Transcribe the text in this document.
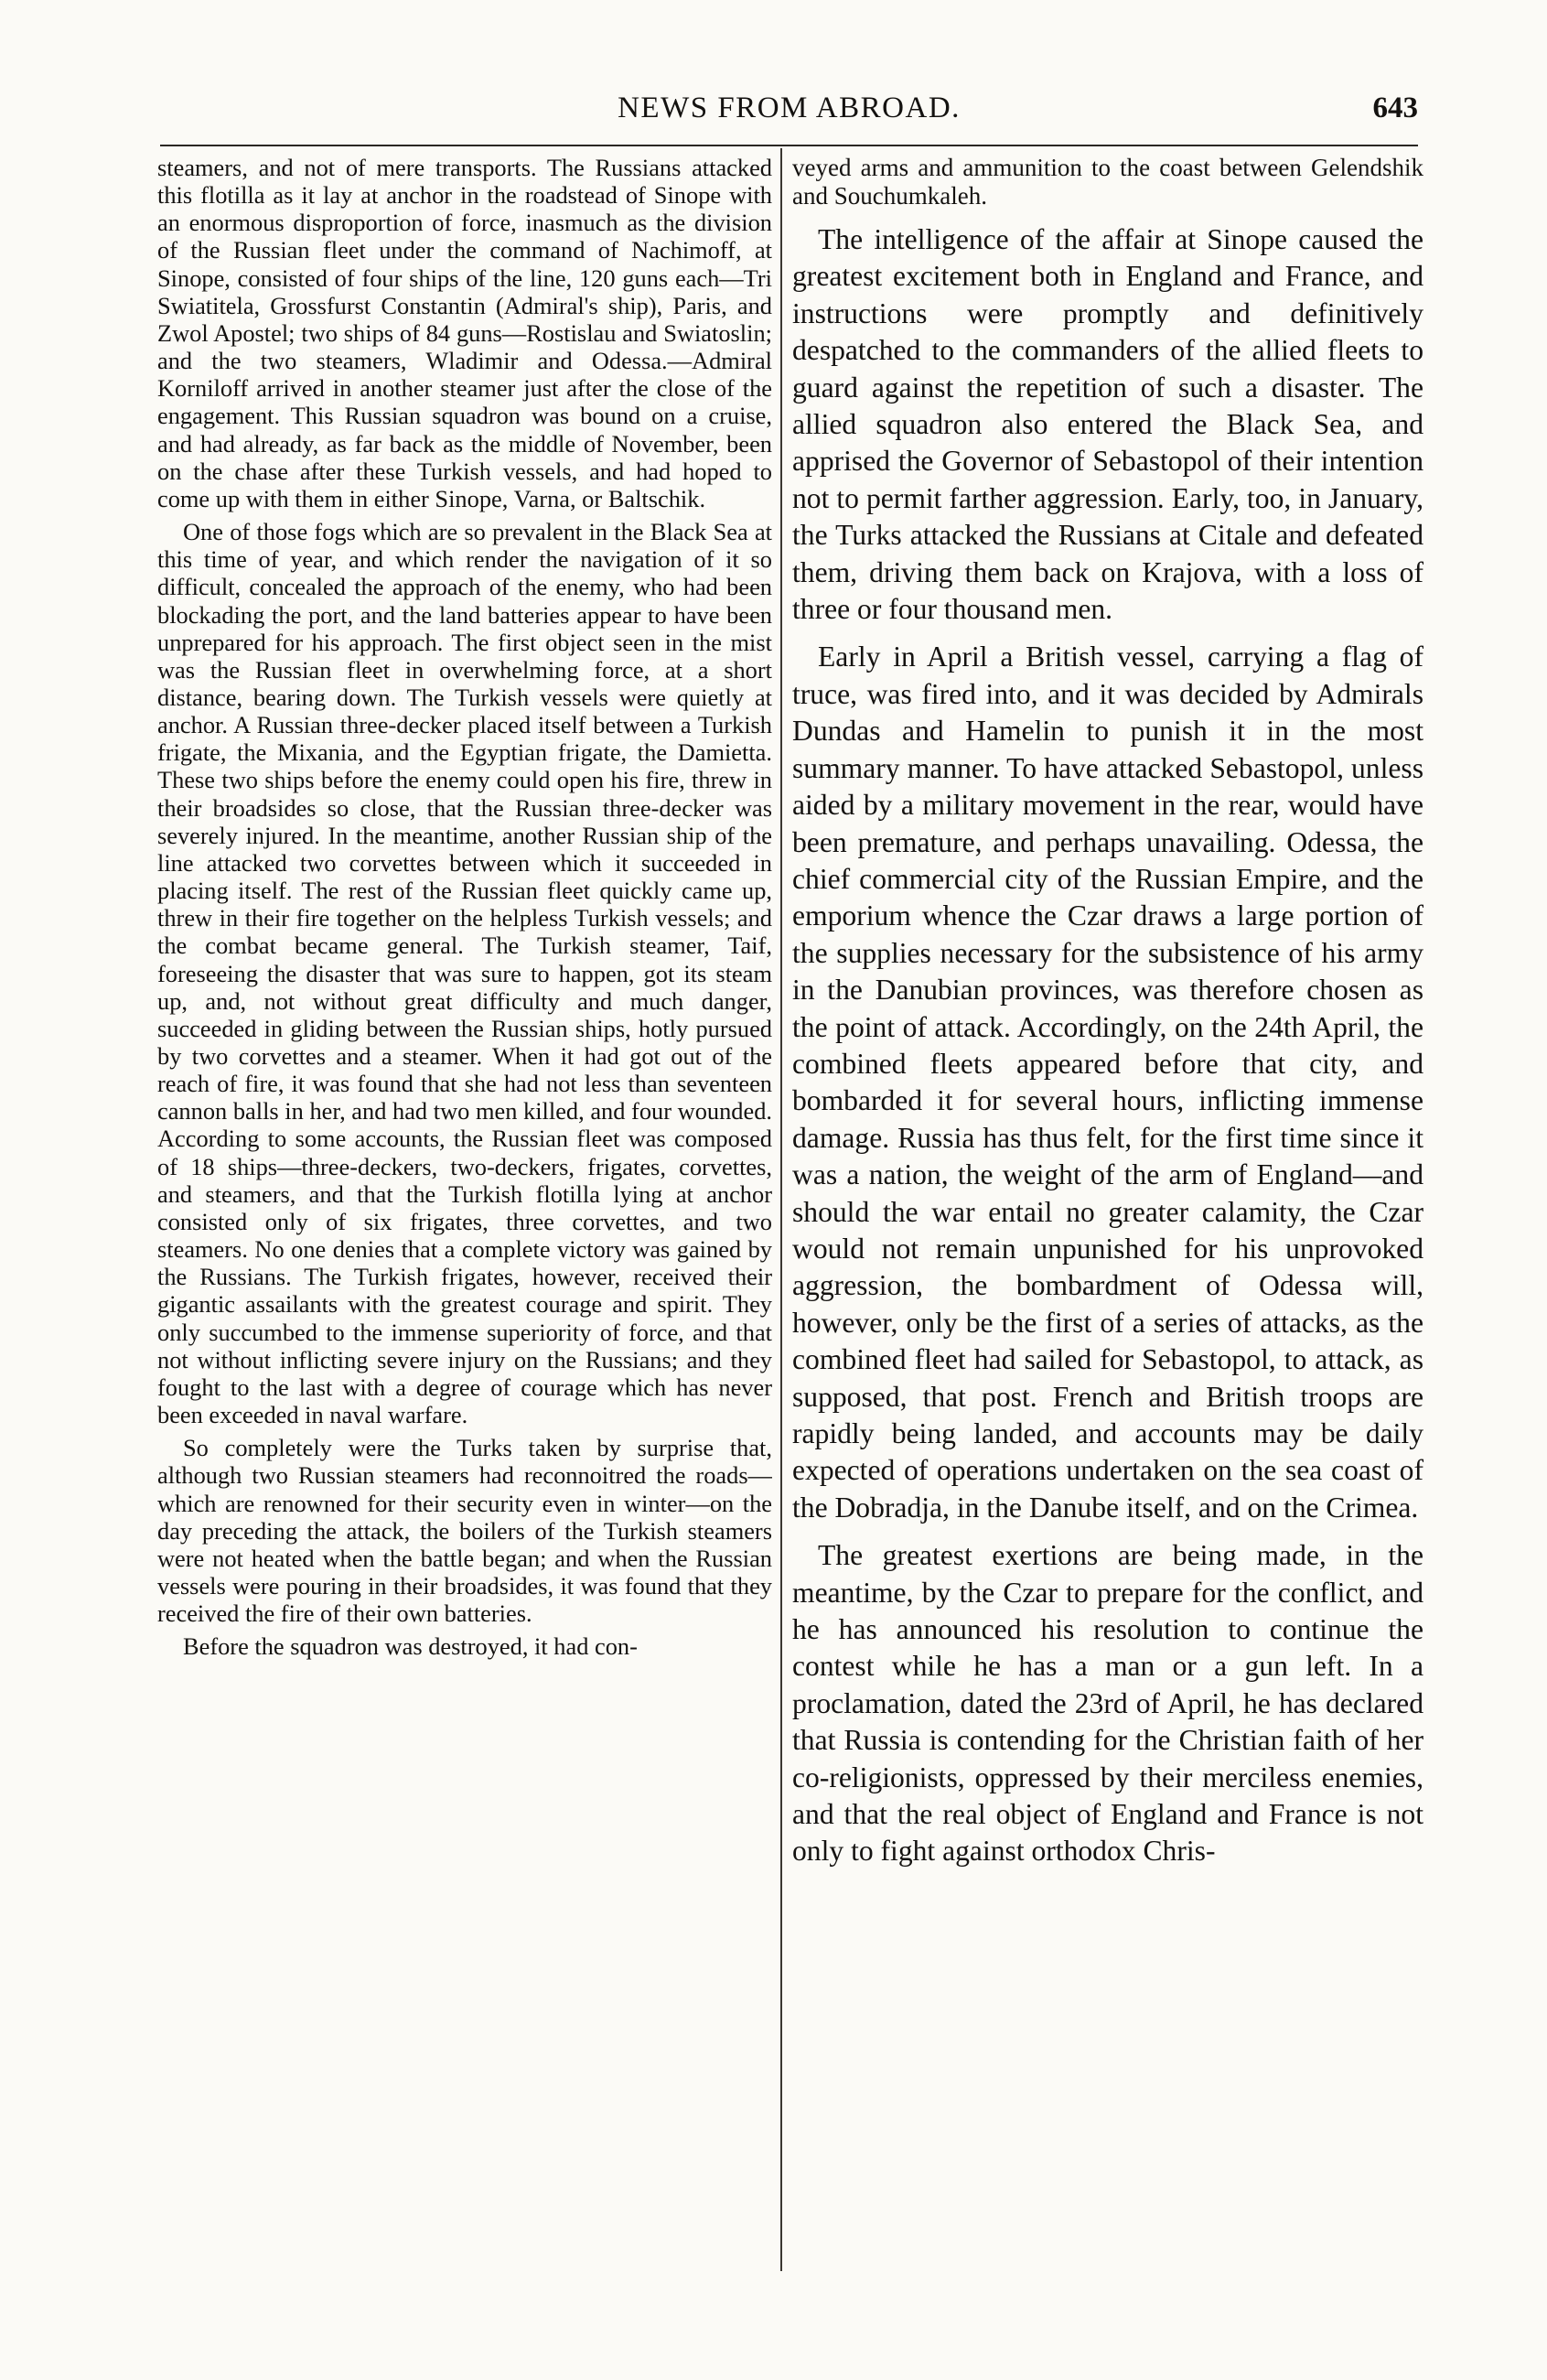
NEWS FROM ABROAD.	643

steamers, and not of mere transports. The Russians attacked this flotilla as it lay at anchor in the roadstead of Sinope with an enormous disproportion of force, inasmuch as the division of the Russian fleet under the command of Nachimoff, at Sinope, consisted of four ships of the line, 120 guns each—Tri Swiatitela, Grossfurst Constantin (Admiral's ship), Paris, and Zwol Apostel; two ships of 84 guns—Rostislau and Swiatoslin; and the two steamers, Wladimir and Odessa.—Admiral Korniloff arrived in another steamer just after the close of the engagement. This Russian squadron was bound on a cruise, and had already, as far back as the middle of November, been on the chase after these Turkish vessels, and had hoped to come up with them in either Sinope, Varna, or Baltschik.

One of those fogs which are so prevalent in the Black Sea at this time of year, and which render the navigation of it so difficult, concealed the approach of the enemy, who had been blockading the port, and the land batteries appear to have been unprepared for his approach. The first object seen in the mist was the Russian fleet in overwhelming force, at a short distance, bearing down. The Turkish vessels were quietly at anchor. A Russian three-decker placed itself between a Turkish frigate, the Mixania, and the Egyptian frigate, the Damietta. These two ships before the enemy could open his fire, threw in their broadsides so close, that the Russian three-decker was severely injured. In the meantime, another Russian ship of the line attacked two corvettes between which it succeeded in placing itself. The rest of the Russian fleet quickly came up, threw in their fire together on the helpless Turkish vessels; and the combat became general. The Turkish steamer, Taif, foreseeing the disaster that was sure to happen, got its steam up, and, not without great difficulty and much danger, succeeded in gliding between the Russian ships, hotly pursued by two corvettes and a steamer. When it had got out of the reach of fire, it was found that she had not less than seventeen cannon balls in her, and had two men killed, and four wounded. According to some accounts, the Russian fleet was composed of 18 ships—three-deckers, two-deckers, frigates, corvettes, and steamers, and that the Turkish flotilla lying at anchor consisted only of six frigates, three corvettes, and two steamers. No one denies that a complete victory was gained by the Russians. The Turkish frigates, however, received their gigantic assailants with the greatest courage and spirit. They only succumbed to the immense superiority of force, and that not without inflicting severe injury on the Russians; and they fought to the last with a degree of courage which has never been exceeded in naval warfare.

So completely were the Turks taken by surprise that, although two Russian steamers had reconnoitred the roads—which are renowned for their security even in winter—on the day preceding the attack, the boilers of the Turkish steamers were not heated when the battle began; and when the Russian vessels were pouring in their broadsides, it was found that they received the fire of their own batteries.

Before the squadron was destroyed, it had con-

veyed arms and ammunition to the coast between Gelendshik and Souchumkaleh.

The intelligence of the affair at Sinope caused the greatest excitement both in England and France, and instructions were promptly and definitively despatched to the commanders of the allied fleets to guard against the repetition of such a disaster. The allied squadron also entered the Black Sea, and apprised the Governor of Sebastopol of their intention not to permit farther aggression. Early, too, in January, the Turks attacked the Russians at Citale and defeated them, driving them back on Krajova, with a loss of three or four thousand men.

Early in April a British vessel, carrying a flag of truce, was fired into, and it was decided by Admirals Dundas and Hamelin to punish it in the most summary manner. To have attacked Sebastopol, unless aided by a military movement in the rear, would have been premature, and perhaps unavailing. Odessa, the chief commercial city of the Russian Empire, and the emporium whence the Czar draws a large portion of the supplies necessary for the subsistence of his army in the Danubian provinces, was therefore chosen as the point of attack. Accordingly, on the 24th April, the combined fleets appeared before that city, and bombarded it for several hours, inflicting immense damage. Russia has thus felt, for the first time since it was a nation, the weight of the arm of England—and should the war entail no greater calamity, the Czar would not remain unpunished for his unprovoked aggression, the bombardment of Odessa will, however, only be the first of a series of attacks, as the combined fleet had sailed for Sebastopol, to attack, as supposed, that post. French and British troops are rapidly being landed, and accounts may be daily expected of operations undertaken on the sea coast of the Dobradja, in the Danube itself, and on the Crimea.

The greatest exertions are being made, in the meantime, by the Czar to prepare for the conflict, and he has announced his resolution to continue the contest while he has a man or a gun left. In a proclamation, dated the 23rd of April, he has declared that Russia is contending for the Christian faith of her co-religionists, oppressed by their merciless enemies, and that the real object of England and France is not only to fight against orthodox Chris-
